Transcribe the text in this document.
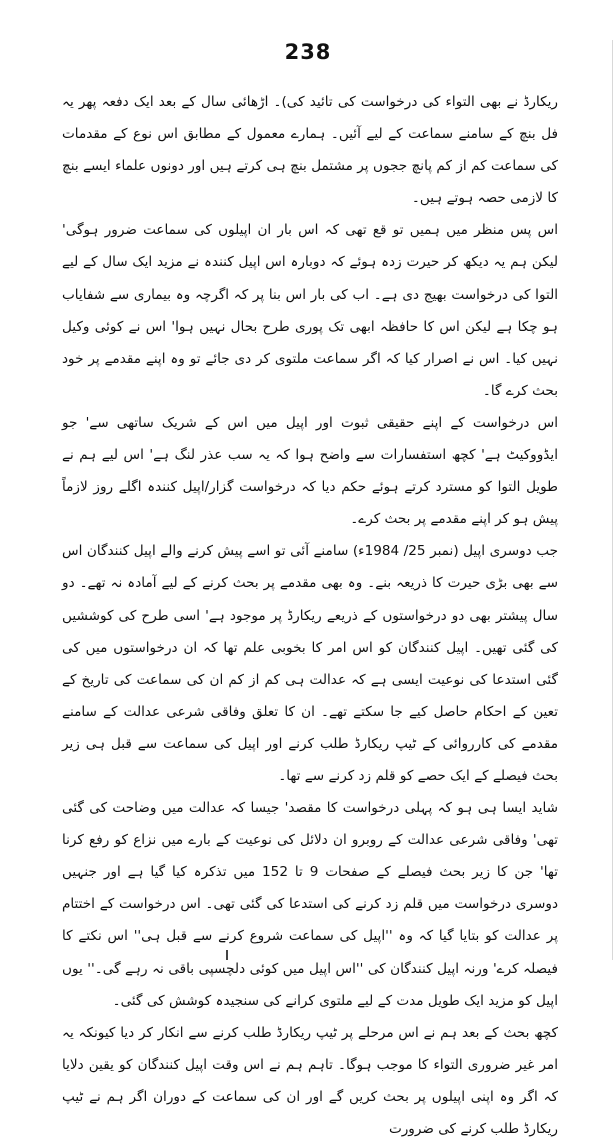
238

ریکارڈ نے بھی التواء کی درخواست کی تائید کی)۔ اڑھائی سال کے بعد ایک دفعہ پھر یہ فل بنچ کے سامنے سماعت کے لیے آئیں۔ ہمارے معمول کے مطابق اس نوع کے مقدمات کی سماعت کم از کم پانچ ججوں پر مشتمل بنچ ہی کرتے ہیں اور دونوں علماء ایسے بنچ کا لازمی حصہ ہوتے ہیں۔

اس پس منظر میں ہمیں تو قع تھی کہ اس بار ان اپیلوں کی سماعت ضرور ہوگی' لیکن ہم یہ دیکھ کر حیرت زدہ ہوئے کہ دوبارہ اس اپیل کنندہ نے مزید ایک سال کے لیے التوا کی درخواست بھیج دی ہے۔ اب کی بار اس بنا پر کہ اگرچہ وہ بیماری سے شفایاب ہو چکا ہے لیکن اس کا حافظہ ابھی تک پوری طرح بحال نہیں ہوا' اس نے کوئی وکیل نہیں کیا۔ اس نے اصرار کیا کہ اگر سماعت ملتوی کر دی جائے تو وہ اپنے مقدمے پر خود بحث کرے گا۔

اس درخواست کے اپنے حقیقی ثبوت اور اپیل میں اس کے شریک ساتھی سے' جو ایڈووکیٹ ہے' کچھ استفسارات سے واضح ہوا کہ یہ سب عذر لنگ ہے' اس لیے ہم نے طویل التوا کو مسترد کرتے ہوئے حکم دیا کہ درخواست گزار/اپیل کنندہ اگلے روز لازماً پیش ہو کر اپنے مقدمے پر بحث کرے۔

جب دوسری اپیل (نمبر 25/ 1984ء) سامنے آئی تو اسے پیش کرنے والے اپیل کنندگان اس سے بھی بڑی حیرت کا ذریعہ بنے۔ وہ بھی مقدمے پر بحث کرنے کے لیے آمادہ نہ تھے۔ دو سال پیشتر بھی دو درخواستوں کے ذریعے ریکارڈ پر موجود ہے' اسی طرح کی کوششیں کی گئی تھیں۔ اپیل کنندگان کو اس امر کا بخوبی علم تھا کہ ان درخواستوں میں کی گئی استدعا کی نوعیت ایسی ہے کہ عدالت ہی کم از کم ان کی سماعت کی تاریخ کے تعین کے احکام حاصل کیے جا سکتے تھے۔ ان کا تعلق وفاقی شرعی عدالت کے سامنے مقدمے کی کارروائی کے ٹیپ ریکارڈ طلب کرنے اور اپیل کی سماعت سے قبل ہی زیر بحث فیصلے کے ایک حصے کو قلم زد کرنے سے تھا۔

شاید ایسا ہی ہو کہ پہلی درخواست کا مقصد' جیسا کہ عدالت میں وضاحت کی گئی تھی' وفاقی شرعی عدالت کے روبرو ان دلائل کی نوعیت کے بارے میں نزاع کو رفع کرنا تھا' جن کا زیر بحث فیصلے کے صفحات 9 تا 152 میں تذکرہ کیا گیا ہے اور جنہیں دوسری درخواست میں قلم زد کرنے کی استدعا کی گئی تھی۔ اس درخواست کے اختتام پر عدالت کو بتایا گیا کہ وہ ''اپیل کی سماعت شروع کرنے سے قبل ہی'' اس نکتے کا فیصلہ کرے' ورنہ اپیل کنندگان کی ''اس اپیل میں کوئی دلچسپی باقی نہ رہے گی۔'' یوں اپیل کو مزید ایک طویل مدت کے لیے ملتوی کرانے کی سنجیدہ کوشش کی گئی۔

کچھ بحث کے بعد ہم نے اس مرحلے پر ٹیپ ریکارڈ طلب کرنے سے انکار کر دیا کیونکہ یہ امر غیر ضروری التواء کا موجب ہوگا۔ تاہم ہم نے اس وقت اپیل کنندگان کو یقین دلایا کہ اگر وہ اپنی اپیلوں پر بحث کریں گے اور ان کی سماعت کے دوران اگر ہم نے ٹیپ ریکارڈ طلب کرنے کی ضرورت
